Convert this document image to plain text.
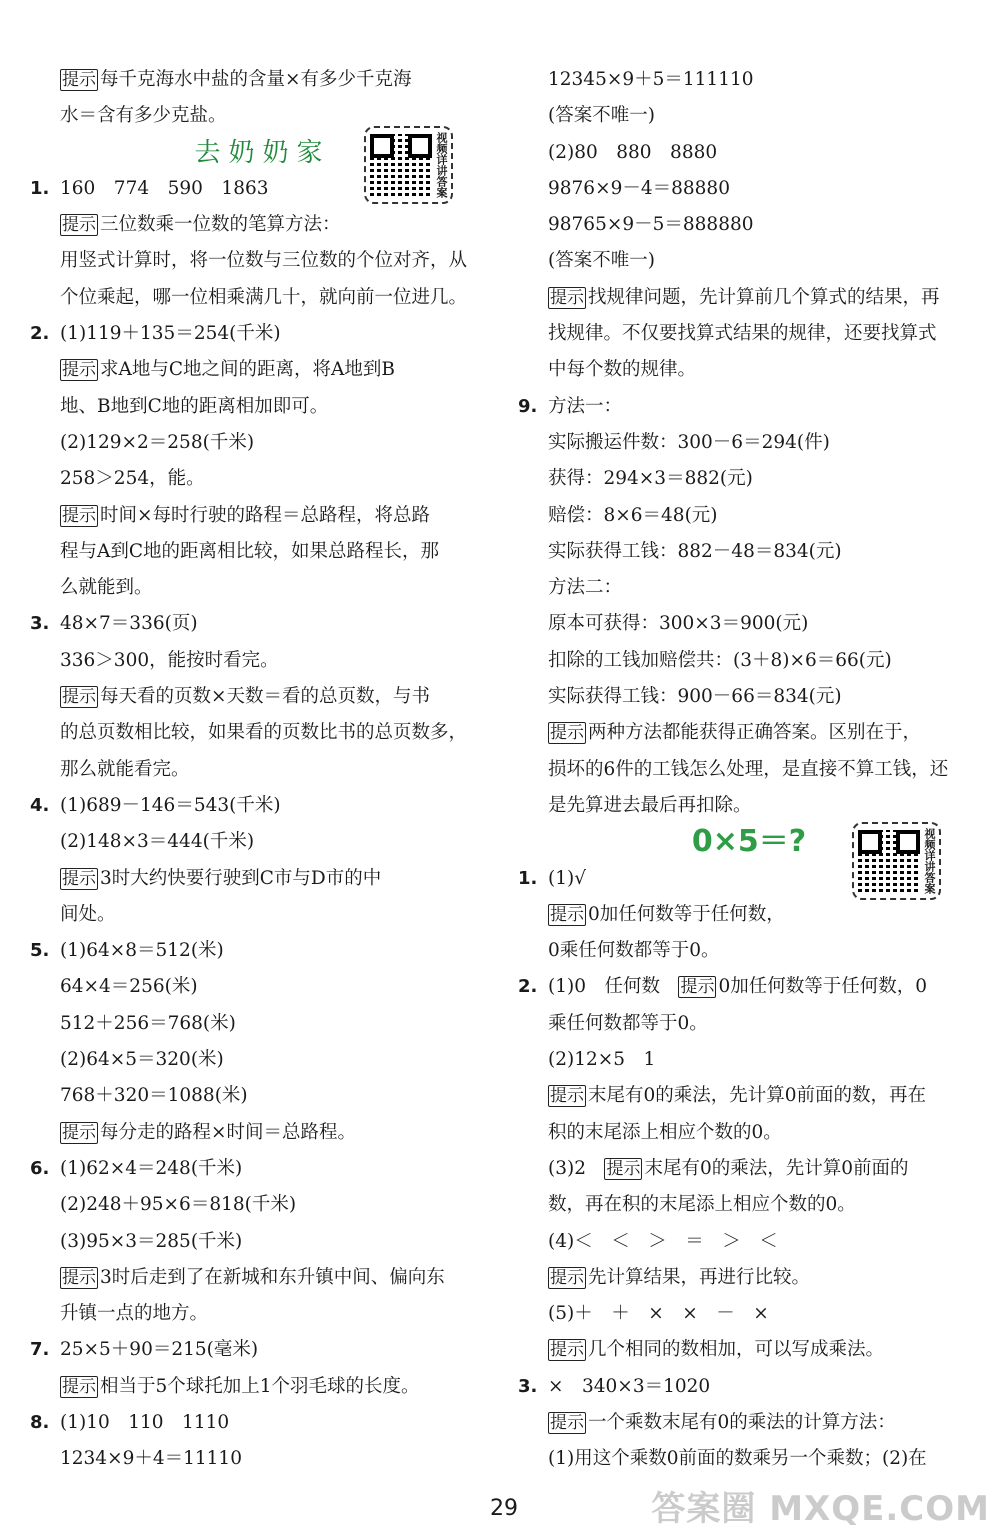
提示 每千克海水中盐的含量×有多少千克海
水＝含有多少克盐。
去奶奶家
1. 160　774　590　1863
提示 三位数乘一位数的笔算方法：
用竖式计算时，将一位数与三位数的个位对齐，从
个位乘起，哪一位相乘满几十，就向前一位进几。
2. (1)119＋135＝254(千米)
提示 求A地与C地之间的距离，将A地到B
地、B地到C地的距离相加即可。
(2)129×2＝258(千米)
258＞254，能。
提示 时间×每时行驶的路程＝总路程，将总路
程与A到C地的距离相比较，如果总路程长，那
么就能到。
3. 48×7＝336(页)
336＞300，能按时看完。
提示 每天看的页数×天数＝看的总页数，与书
的总页数相比较，如果看的页数比书的总页数多，
那么就能看完。
4. (1)689－146＝543(千米)
(2)148×3＝444(千米)
提示 3时大约快要行驶到C市与D市的中
间处。
5. (1)64×8＝512(米)
64×4＝256(米)
512＋256＝768(米)
(2)64×5＝320(米)
768＋320＝1088(米)
提示 每分走的路程×时间＝总路程。
6. (1)62×4＝248(千米)
(2)248＋95×6＝818(千米)
(3)95×3＝285(千米)
提示 3时后走到了在新城和东升镇中间、偏向东
升镇一点的地方。
7. 25×5＋90＝215(毫米)
提示 相当于5个球托加上1个羽毛球的长度。
8. (1)10　110　1110
1234×9＋4＝11110
12345×9＋5＝111110
(答案不唯一)
(2)80　880　8880
9876×9－4＝88880
98765×9－5＝888880
(答案不唯一)
提示 找规律问题，先计算前几个算式的结果，再
找规律。不仅要找算式结果的规律，还要找算式
中每个数的规律。
9. 方法一：
实际搬运件数：300－6＝294(件)
获得：294×3＝882(元)
赔偿：8×6＝48(元)
实际获得工钱：882－48＝834(元)
方法二：
原本可获得：300×3＝900(元)
扣除的工钱加赔偿共：(3＋8)×6＝66(元)
实际获得工钱：900－66＝834(元)
提示 两种方法都能获得正确答案。区别在于，
损坏的6件的工钱怎么处理，是直接不算工钱，还
是先算进去最后再扣除。
0×5＝?
1. (1)√
提示 0加任何数等于任何数，
0乘任何数都等于0。
2. (1)0　任何数　提示 0加任何数等于任何数，0
乘任何数都等于0。
(2)12×5　1
提示 末尾有0的乘法，先计算0前面的数，再在
积的末尾添上相应个数的0。
(3)2　提示 末尾有0的乘法，先计算0前面的
数，再在积的末尾添上相应个数的0。
(4)＜　＜　＞　＝　＞　＜
提示 先计算结果，再进行比较。
(5)＋　＋　×　×　－　×
提示 几个相同的数相加，可以写成乘法。
3. ×　340×3＝1020
提示 一个乘数末尾有0的乘法的计算方法：
(1)用这个乘数0前面的数乘另一个乘数；(2)在
视频详讲答案
视频详讲答案
29	答案圈 MXQE.COM
